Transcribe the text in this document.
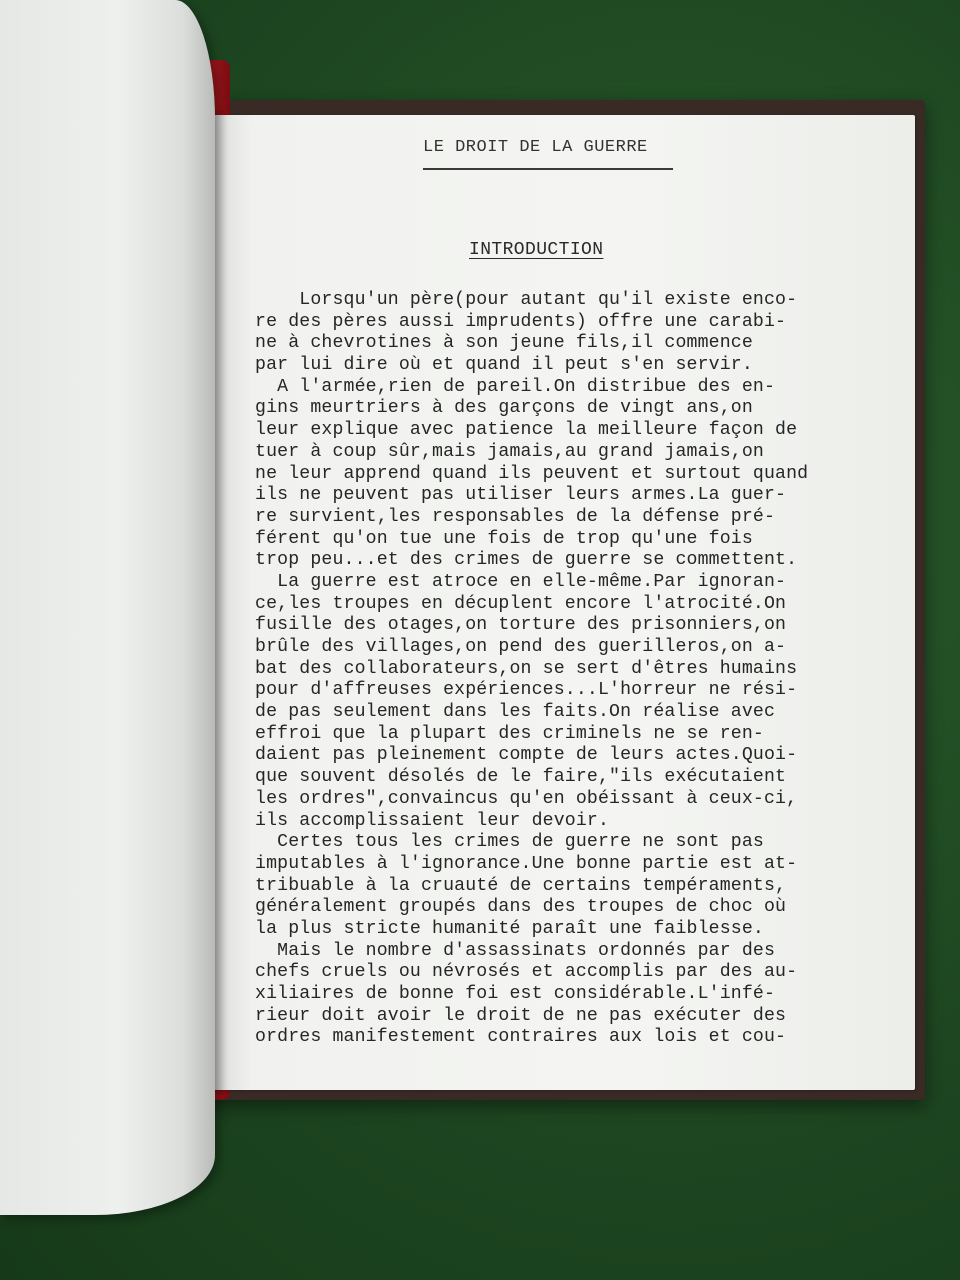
LE DROIT DE LA GUERRE
INTRODUCTION
Lorsqu'un père(pour autant qu'il existe enco-
re des pères aussi imprudents) offre une carabi-
ne à chevrotines à son jeune fils,il commence
par lui dire où et quand il peut s'en servir.
A l'armée,rien de pareil.On distribue des en-
gins meurtriers à des garçons de vingt ans,on
leur explique avec patience la meilleure façon de
tuer à coup sûr,mais jamais,au grand jamais,on
ne leur apprend quand ils peuvent et surtout quand
ils ne peuvent pas utiliser leurs armes.La guer-
re survient,les responsables de la défense pré-
férent qu'on tue une fois de trop qu'une fois
trop peu...et des crimes de guerre se commettent.
La guerre est atroce en elle-même.Par ignoran-
ce,les troupes en décuplent encore l'atrocité.On
fusille des otages,on torture des prisonniers,on
brûle des villages,on pend des guerilleros,on a-
bat des collaborateurs,on se sert d'êtres humains
pour d'affreuses expériences...L'horreur ne rési-
de pas seulement dans les faits.On réalise avec
effroi que la plupart des criminels ne se ren-
daient pas pleinement compte de leurs actes.Quoi-
que souvent désolés de le faire,"ils exécutaient
les ordres",convaincus qu'en obéissant à ceux-ci,
ils accomplissaient leur devoir.
Certes tous les crimes de guerre ne sont pas
imputables à l'ignorance.Une bonne partie est at-
tribuable à la cruauté de certains tempéraments,
généralement groupés dans des troupes de choc où
la plus stricte humanité paraît une faiblesse.
Mais le nombre d'assassinats ordonnés par des
chefs cruels ou névrosés et accomplis par des au-
xiliaires de bonne foi est considérable.L'infé-
rieur doit avoir le droit de ne pas exécuter des
ordres manifestement contraires aux lois et cou-
